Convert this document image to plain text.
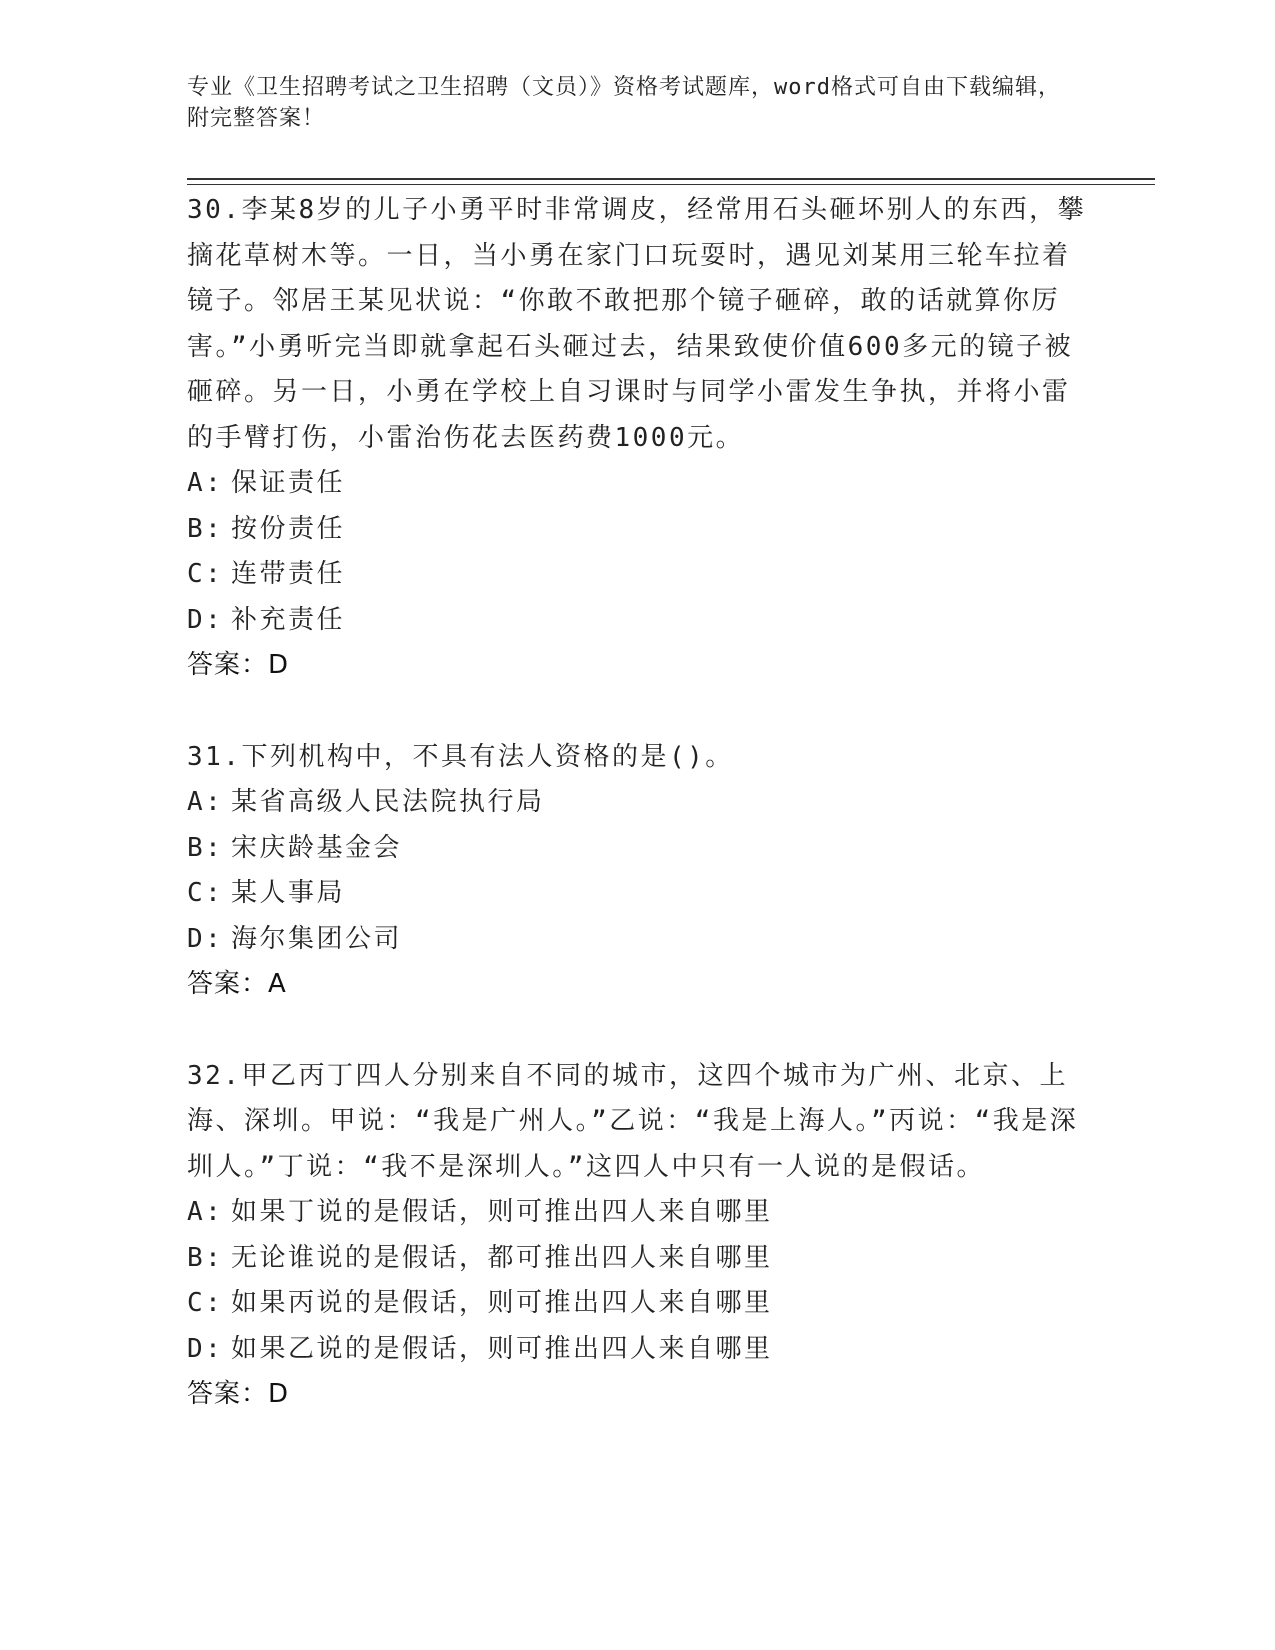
专业《卫生招聘考试之卫生招聘（文员）》资格考试题库，word格式可自由下载编辑，附完整答案！

30.李某8岁的儿子小勇平时非常调皮，经常用石头砸坏别人的东西，攀摘花草树木等。一日，当小勇在家门口玩耍时，遇见刘某用三轮车拉着镜子。邻居王某见状说：“你敢不敢把那个镜子砸碎，敢的话就算你厉害。”小勇听完当即就拿起石头砸过去，结果致使价值600多元的镜子被砸碎。另一日，小勇在学校上自习课时与同学小雷发生争执，并将小雷的手臂打伤，小雷治伤花去医药费1000元。

A: 保证责任

B: 按份责任

C: 连带责任

D: 补充责任

答案：D

31.下列机构中，不具有法人资格的是()。

A: 某省高级人民法院执行局

B: 宋庆龄基金会

C: 某人事局

D: 海尔集团公司

答案：A

32.甲乙丙丁四人分别来自不同的城市，这四个城市为广州、北京、上海、深圳。甲说：“我是广州人。”乙说：“我是上海人。”丙说：“我是深圳人。”丁说：“我不是深圳人。”这四人中只有一人说的是假话。

A: 如果丁说的是假话，则可推出四人来自哪里

B: 无论谁说的是假话，都可推出四人来自哪里

C: 如果丙说的是假话，则可推出四人来自哪里

D: 如果乙说的是假话，则可推出四人来自哪里

答案：D
